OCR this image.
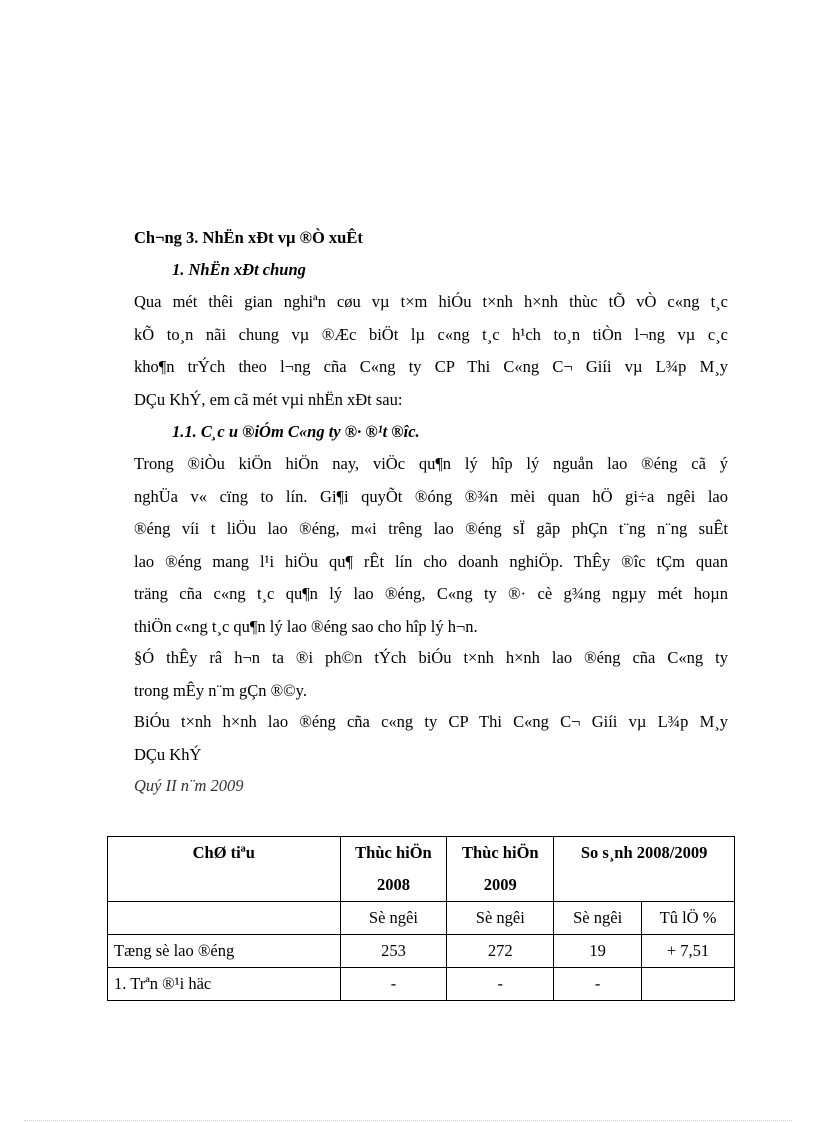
Ch¬ng 3. NhËn xÐt vµ ®Ò xuÊt
1. NhËn xÐt chung
Qua mét thêi gian nghiªn cøu vµ t×m hiÓu t×nh h×nh thùc tÕ vÒ c«ng t¸c
kÕ to¸n nãi chung vµ ®Æc biÖt lµ c«ng t¸c h¹ch to¸n tiÒn l¬ng vµ c¸c
kho¶n trÝch theo l¬ng cña C«ng ty CP Thi C«ng C¬ Giíi vµ L¾p M¸y
DÇu KhÝ, em cã mét vµi nhËn xÐt sau:
1.1. C¸c u ®iÓm C«ng ty ®· ®¹t ®îc.
Trong ®iÒu kiÖn hiÖn nay, viÖc qu¶n lý hîp lý nguån lao ®éng cã ý
nghÜa v« cïng to lín. Gi¶i quyÕt ®óng ®¾n mèi quan hÖ gi÷a ngêi lao
®éng víi t liÖu lao ®éng, m«i trêng lao ®éng sÏ gãp phÇn t¨ng n¨ng suÊt
lao ®éng mang l¹i hiÖu qu¶ rÊt lín cho doanh nghiÖp. ThÊy ®îc tÇm quan
träng cña c«ng t¸c qu¶n lý lao ®éng, C«ng ty ®· cè g¾ng ngµy mét hoµn
thiÖn c«ng t¸c qu¶n lý lao ®éng sao cho hîp lý h¬n.
§Ó thÊy râ h¬n ta ®i ph©n tÝch biÓu t×nh h×nh lao ®éng cña C«ng ty
trong mÊy n¨m gÇn ®©y.
BiÓu t×nh h×nh lao ®éng cña c«ng ty CP Thi C«ng C¬ Giíi vµ L¾p M¸y
DÇu KhÝ
Quý II n¨m 2009
ChØ tiªu	Thùc hiÖn 2008	Thùc hiÖn 2009	So s¸nh 2008/2009	

	Sè ngêi	Sè ngêi	Sè ngêi	Tû lÖ %
Tæng sè lao ®éng	253	272	19	+ 7,51
1. Trªn ®¹i häc	-	-	-	
